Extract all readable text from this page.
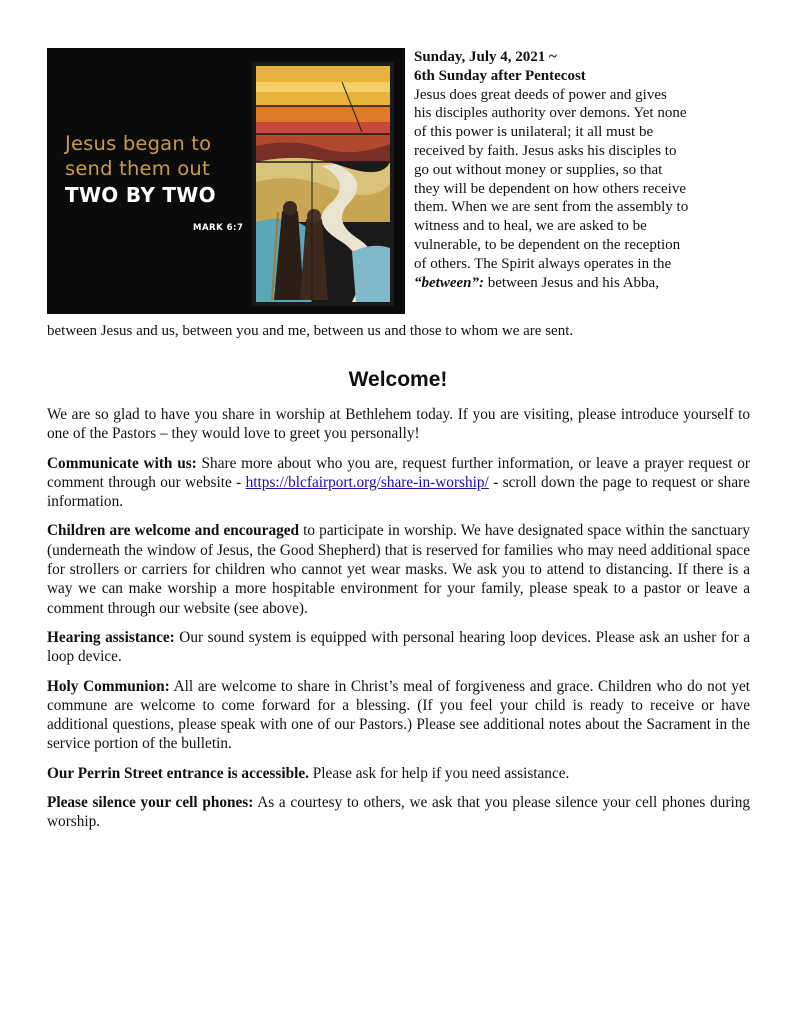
Jesus began to
send them out
TWO BY TWO
MARK 6:7
Sunday, July 4, 2021 ~
6th Sunday after Pentecost
Jesus does great deeds of power and gives
his disciples authority over demons. Yet none
of this power is unilateral; it all must be
received by faith. Jesus asks his disciples to
go out without money or supplies, so that
they will be dependent on how others receive
them. When we are sent from the assembly to
witness and to heal, we are asked to be
vulnerable, to be dependent on the reception
of others. The Spirit always operates in the
“between”: between Jesus and his Abba,
between Jesus and us, between you and me, between us and those to whom we are sent.
Welcome!

We are so glad to have you share in worship at Bethlehem today. If you are visiting, please introduce yourself to one of the Pastors – they would love to greet you personally!

Communicate with us: Share more about who you are, request further information, or leave a prayer request or comment through our website - https://blcfairport.org/share-in-worship/ - scroll down the page to request or share information.

Children are welcome and encouraged to participate in worship. We have designated space within the sanctuary (underneath the window of Jesus, the Good Shepherd) that is reserved for families who may need additional space for strollers or carriers for children who cannot yet wear masks. We ask you to attend to distancing. If there is a way we can make worship a more hospitable environment for your family, please speak to a pastor or leave a comment through our website (see above).

Hearing assistance: Our sound system is equipped with personal hearing loop devices. Please ask an usher for a loop device.

Holy Communion: All are welcome to share in Christ’s meal of forgiveness and grace. Children who do not yet commune are welcome to come forward for a blessing. (If you feel your child is ready to receive or have additional questions, please speak with one of our Pastors.) Please see additional notes about the Sacrament in the service portion of the bulletin.

Our Perrin Street entrance is accessible. Please ask for help if you need assistance.

Please silence your cell phones: As a courtesy to others, we ask that you please silence your cell phones during worship.
